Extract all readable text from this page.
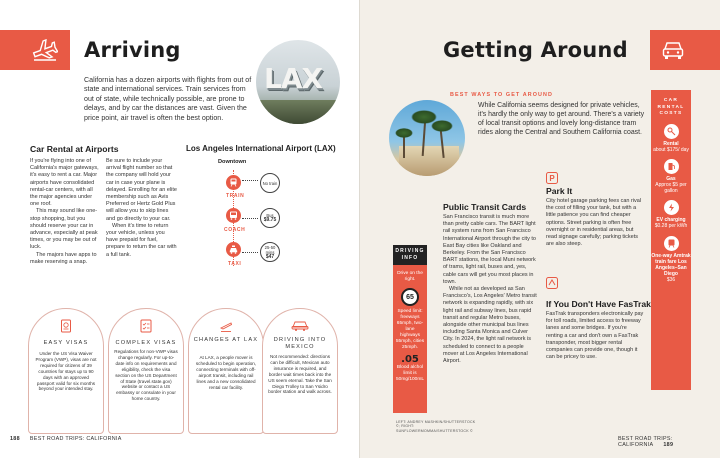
Arriving
LAX
California has a dozen airports with flights from out of state and international services. Train services from out of state, while technically possible, are prone to delays, and by car the distances are vast. Given the price point, air travel is often the best option.
Car Rental at Airports

If you're flying into one of California's major gateways, it's easy to rent a car. Major airports have consolidated rental-car centers, with all the major agencies under one roof.

This may sound like one-stop shopping, but you should reserve your car in advance, especially at peak times, or you may be out of luck.

The majors have apps to make reserving a snap.

Be sure to include your arrival flight number so that the company will hold your car in case your plane is delayed. Enrolling for an elite membership such as Avis Preferred or Hertz Gold Plus will allow you to skip lines and go directly to your car.

When it's time to return your vehicle, unless you have prepaid for fuel, prepare to return the car with a full tank.

Los Angeles International Airport (LAX)
Downtown
TRAIN
No train
COACH
Bus
$9.75
TAXI
25-50 mins
$47
EASY VISAS
Under the US Visa Waiver Program (VWP), visas are not required for citizens of 39 countries for stays up to 90 days with an approved passport valid for six months beyond your intended stay.
COMPLEX VISAS
Regulations for non-VWP visas change regularly. For up-to-date info on requirements and eligibility, check the visa section on the US Department of State (travel.state.gov) website or contact a US embassy or consulate in your home country.
CHANGES AT LAX
At LAX, a people mover is scheduled to begin operation, connecting terminals with off-airport transit, including rail lines and a new consolidated rental car facility.
DRIVING INTO MEXICO
Not recommended: directions can be difficult, Mexican auto insurance is required, and border wait times back into the US seem eternal. Take the San Diego Trolley to San Ysidro border station and walk across.
188 BEST ROAD TRIPS: CALIFORNIA
Getting Around
BEST WAYS TO GET AROUND
While California seems designed for private vehicles, it's hardly the only way to get around. There's a variety of local transit options and lovely long-distance tram rides along the Central and Southern California coast.
CAR RENTAL COSTS
Rental
about $175/ day
Gas
Approx $5 per gallon
EV charging
$0.28 per kWh
One-way Amtrak train fare Los Angeles–San Diego
$36
DRIVING INFO
Drive on the right.
65
Speed limit: freeways 65mph, two-lane highways 55mph, cities 25mph.
.05
Blood alchol limit is 50mg/100mL
Public Transit Cards

San Francisco transit is much more than pretty cable cars. The BART light rail system runs from San Francisco International Airport through the city to East Bay cities like Oakland and Berkeley. From the San Francisco BART stations, the local Muni network of trams, light rail, buses and, yes, cable cars will get you most places in town.

While not as developed as San Francisco's, Los Angeles' Metro transit network is expanding rapidly, with six light rail and subway lines, bus rapid transit and regular Metro buses, alongside other municipal bus lines including Santa Monica and Culver City. In 2024, the light rail network is scheduled to connect to a people mover at Los Angeles International Airport.

P
Park It

City hotel garage parking fees can rival the cost of filling your tank, but with a little patience you can find cheaper options. Street parking is often free overnight or in residential areas, but read signage carefully; parking tickets are also steep.

If You Don't Have FasTrak

FasTrak transponders electronically pay for toll roads, limited access to freeway lanes and some bridges. If you're renting a car and don't own a FasTrak transponder, most bigger rental companies can provide one, though it can be pricey to use.

LEFT: ANDREY MASHKIN/SHUTTERSTOCK ©; RIGHT: SUNFLOWERMOMMA/SHUTTERSTOCK ©
BEST ROAD TRIPS: CALIFORNIA 189
